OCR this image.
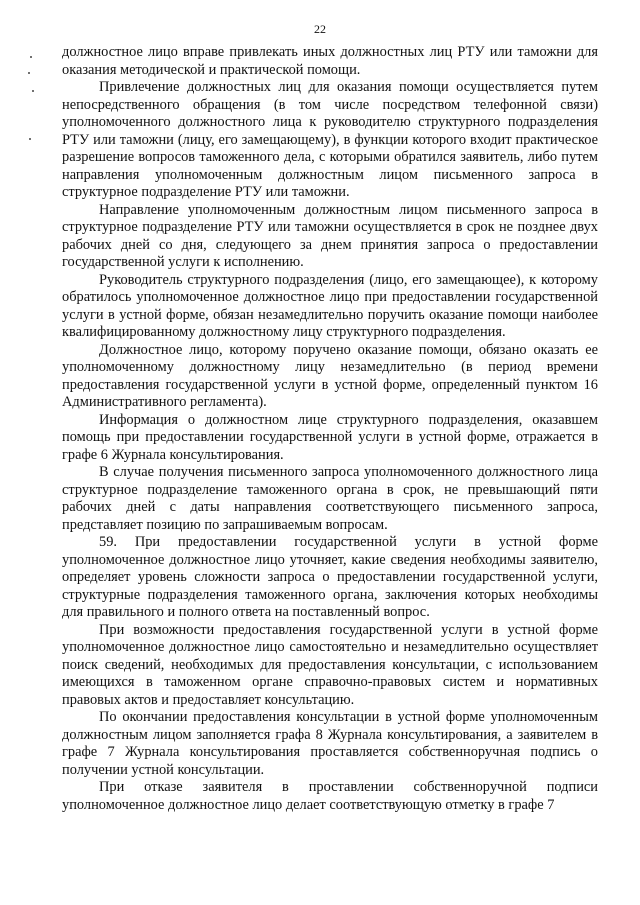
22

должностное лицо вправе привлекать иных должностных лиц РТУ или таможни для оказания методической и практической помощи.

Привлечение должностных лиц для оказания помощи осуществляется путем непосредственного обращения (в том числе посредством телефонной связи) уполномоченного должностного лица к руководителю структурного подразделения РТУ или таможни (лицу, его замещающему), в функции которого входит практическое разрешение вопросов таможенного дела, с которыми обратился заявитель, либо путем направления уполномоченным должностным лицом письменного запроса в структурное подразделение РТУ или таможни.

Направление уполномоченным должностным лицом письменного запроса в структурное подразделение РТУ или таможни осуществляется в срок не позднее двух рабочих дней со дня, следующего за днем принятия запроса о предоставлении государственной услуги к исполнению.

Руководитель структурного подразделения (лицо, его замещающее), к которому обратилось уполномоченное должностное лицо при предоставлении государственной услуги в устной форме, обязан незамедлительно поручить оказание помощи наиболее квалифицированному должностному лицу структурного подразделения.

Должностное лицо, которому поручено оказание помощи, обязано оказать ее уполномоченному должностному лицу незамедлительно (в период времени предоставления государственной услуги в устной форме, определенный пунктом 16 Административного регламента).

Информация о должностном лице структурного подразделения, оказавшем помощь при предоставлении государственной услуги в устной форме, отражается в графе 6 Журнала консультирования.

В случае получения письменного запроса уполномоченного должностного лица структурное подразделение таможенного органа в срок, не превышающий пяти рабочих дней с даты направления соответствующего письменного запроса, представляет позицию по запрашиваемым вопросам.

59. При предоставлении государственной услуги в устной форме уполномоченное должностное лицо уточняет, какие сведения необходимы заявителю, определяет уровень сложности запроса о предоставлении государственной услуги, структурные подразделения таможенного органа, заключения которых необходимы для правильного и полного ответа на поставленный вопрос.

При возможности предоставления государственной услуги в устной форме уполномоченное должностное лицо самостоятельно и незамедлительно осуществляет поиск сведений, необходимых для предоставления консультации, с использованием имеющихся в таможенном органе справочно-правовых систем и нормативных правовых актов и предоставляет консультацию.

По окончании предоставления консультации в устной форме уполномоченным должностным лицом заполняется графа 8 Журнала консультирования, а заявителем в графе 7 Журнала консультирования проставляется собственноручная подпись о получении устной консультации.

При отказе заявителя в проставлении собственноручной подписи уполномоченное должностное лицо делает соответствующую отметку в графе 7
